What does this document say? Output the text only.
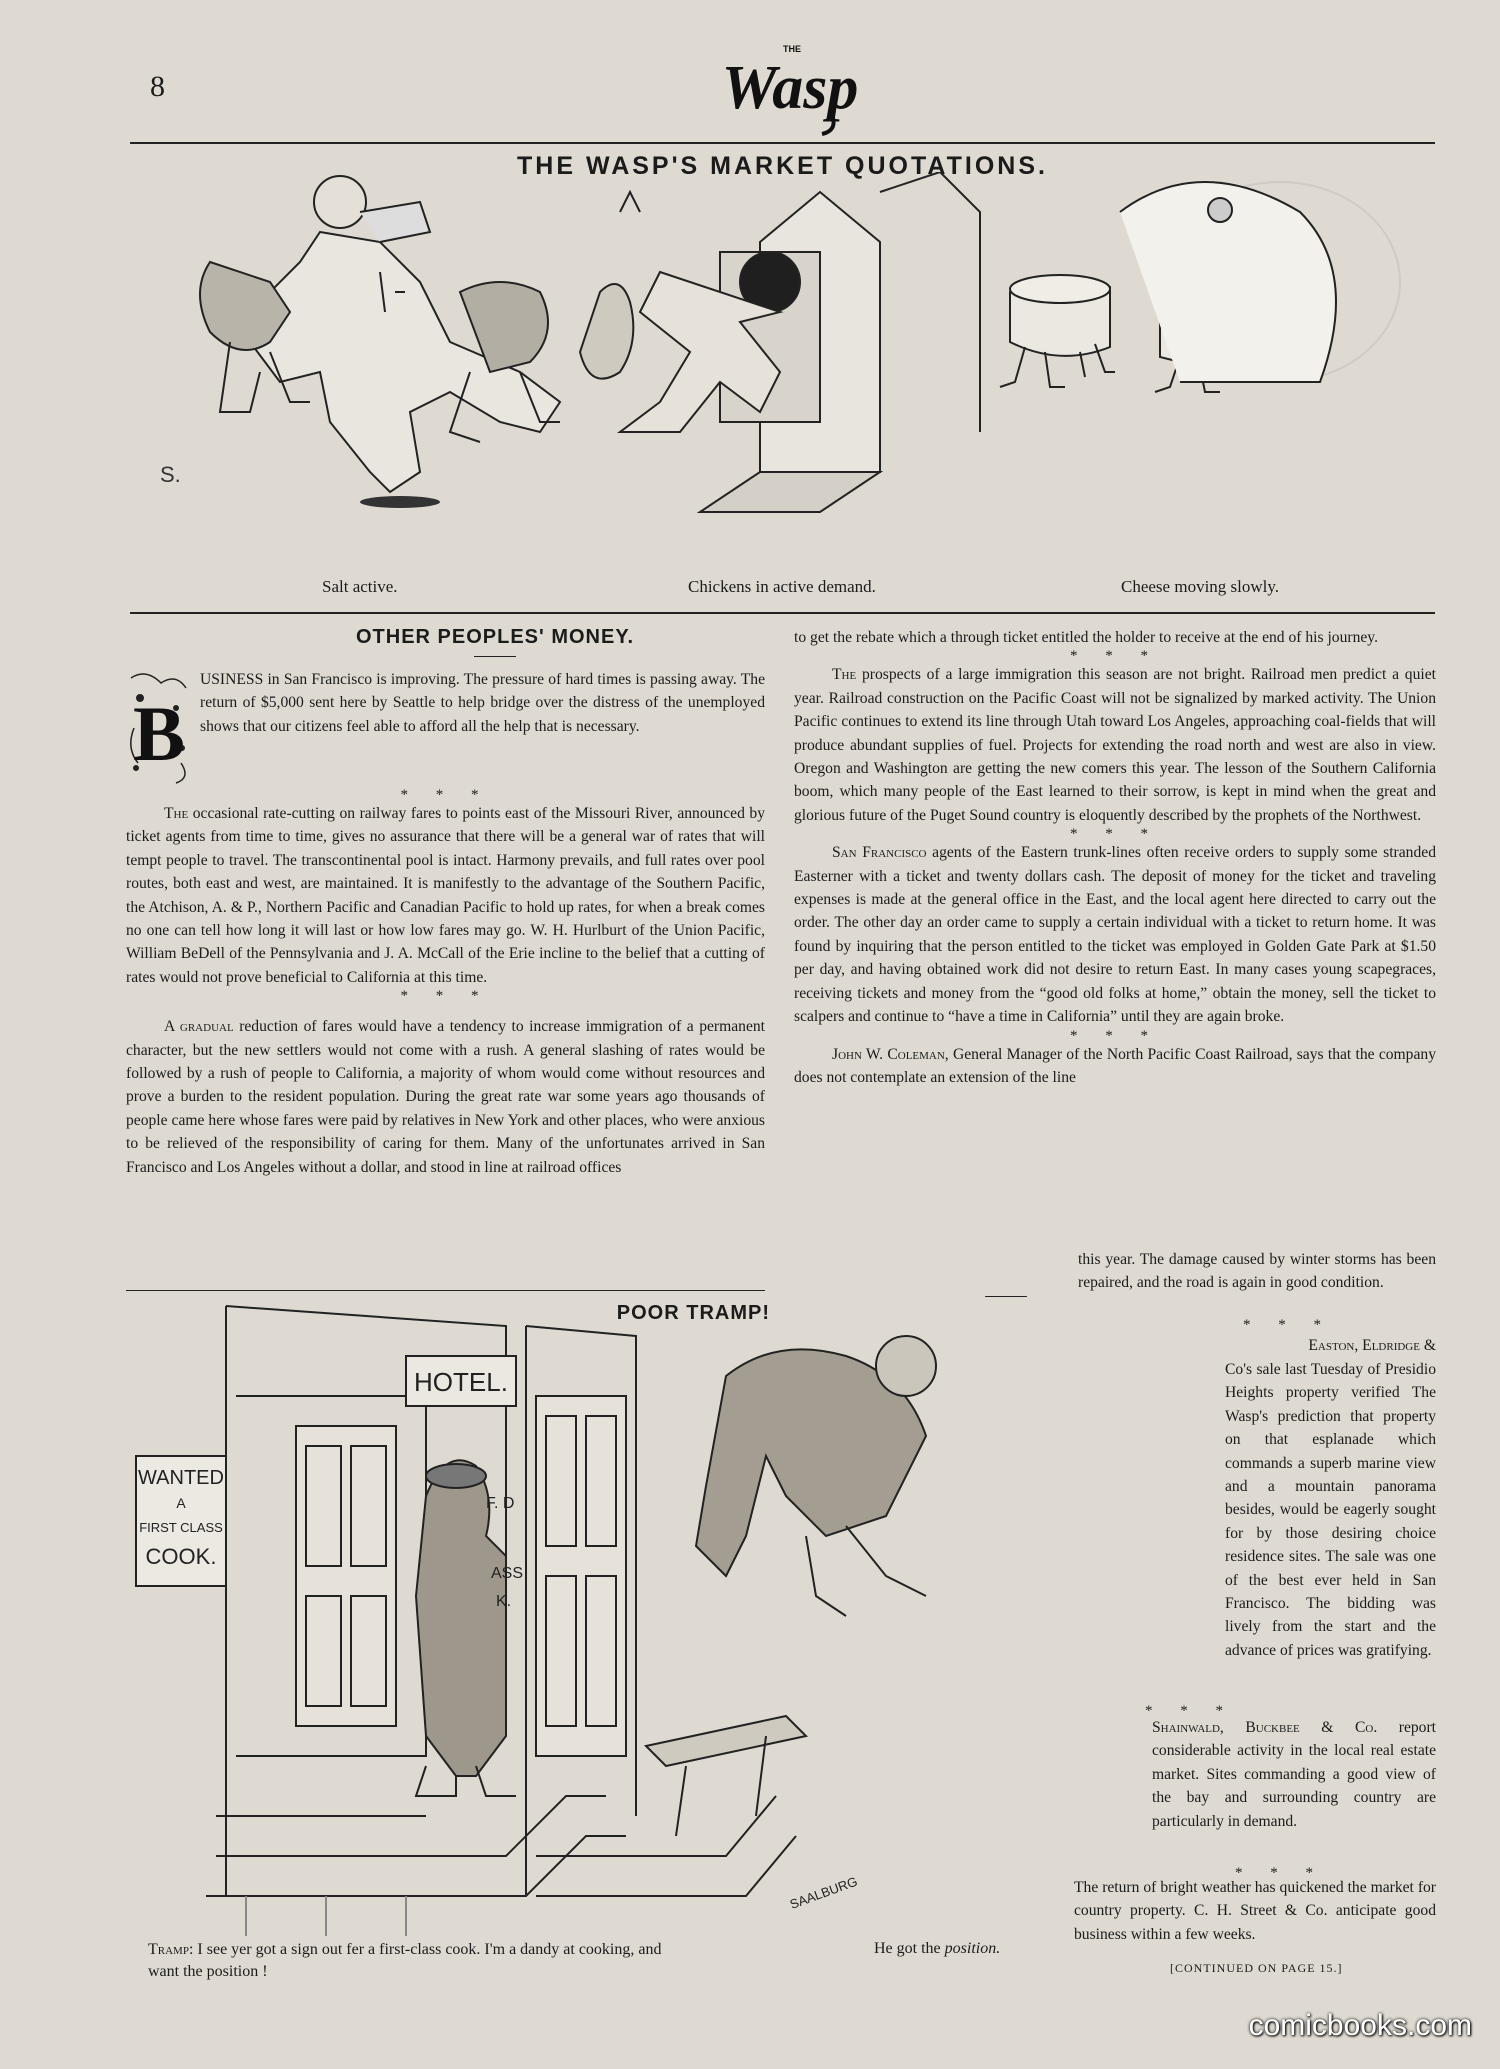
8
THE
Wasp
THE WASP'S MARKET QUOTATIONS.
S.
Salt active.	Chickens in active demand.	Cheese moving slowly.
OTHER PEOPLES' MONEY.
B

USINESS in San Francisco is improving. The pressure of hard times is passing away. The return of $5,000 sent here by Seattle to help bridge over the distress of the unemployed shows that our citizens feel able to afford all the help that is necessary.

* * *

The occasional rate-cutting on railway fares to points east of the Missouri River, announced by ticket agents from time to time, gives no assurance that there will be a general war of rates that will tempt people to travel. The transcontinental pool is intact. Harmony prevails, and full rates over pool routes, both east and west, are maintained. It is manifestly to the advantage of the Southern Pacific, the Atchison, A. & P., Northern Pacific and Canadian Pacific to hold up rates, for when a break comes no one can tell how long it will last or how low fares may go. W. H. Hurlburt of the Union Pacific, William BeDell of the Pennsylvania and J. A. McCall of the Erie incline to the belief that a cutting of rates would not prove beneficial to California at this time.

* * *

A gradual reduction of fares would have a tendency to increase immigration of a permanent character, but the new settlers would not come with a rush. A general slashing of rates would be followed by a rush of people to California, a majority of whom would come without resources and prove a burden to the resident population. During the great rate war some years ago thousands of people came here whose fares were paid by relatives in New York and other places, who were anxious to be relieved of the responsibility of caring for them. Many of the unfortunates arrived in San Francisco and Los Angeles without a dollar, and stood in line at railroad offices

to get the rebate which a through ticket entitled the holder to receive at the end of his journey.

* * *

The prospects of a large immigration this season are not bright. Railroad men predict a quiet year. Railroad construction on the Pacific Coast will not be signalized by marked activity. The Union Pacific continues to extend its line through Utah toward Los Angeles, approaching coal-fields that will produce abundant supplies of fuel. Projects for extending the road north and west are also in view. Oregon and Washington are getting the new comers this year. The lesson of the Southern California boom, which many people of the East learned to their sorrow, is kept in mind when the great and glorious future of the Puget Sound country is eloquently described by the prophets of the Northwest.

* * *

San Francisco agents of the Eastern trunk-lines often receive orders to supply some stranded Easterner with a ticket and twenty dollars cash. The deposit of money for the ticket and traveling expenses is made at the general office in the East, and the local agent here directed to carry out the order. The other day an order came to supply a certain individual with a ticket to return home. It was found by inquiring that the person entitled to the ticket was employed in Golden Gate Park at $1.50 per day, and having obtained work did not desire to return East. In many cases young scapegraces, receiving tickets and money from the “good old folks at home,” obtain the money, sell the ticket to scalpers and continue to “have a time in California” until they are again broke.

* * *

John W. Coleman, General Manager of the North Pacific Coast Railroad, says that the company does not contemplate an extension of the line

this year. The damage caused by winter storms has been repaired, and the road is again in good condition.

* * *
Easton, Eldridge &

Co's sale last Tuesday of Presidio Heights property verified The Wasp's prediction that property on that esplanade which commands a superb marine view and a mountain panorama besides, would be eagerly sought for by those desiring choice residence sites. The sale was one of the best ever held in San Francisco. The bidding was lively from the start and the advance of prices was gratifying.

* * *

Shainwald, Buckbee & Co. report considerable activity in the local real estate market. Sites commanding a good view of the bay and surrounding country are particularly in demand.

* * *

The return of bright weather has quickened the market for country property. C. H. Street & Co. anticipate good business within a few weeks.

[CONTINUED ON PAGE 15.]
POOR TRAMP!
WANTED
A
FIRST CLASS
COOK.
HOTEL.
F. D
ASS
K.
SAALBURG
Tramp: I see yer got a sign out fer a first-class cook. I'm a dandy at cooking, and want the position !
He got the position.
comicbooks.com
